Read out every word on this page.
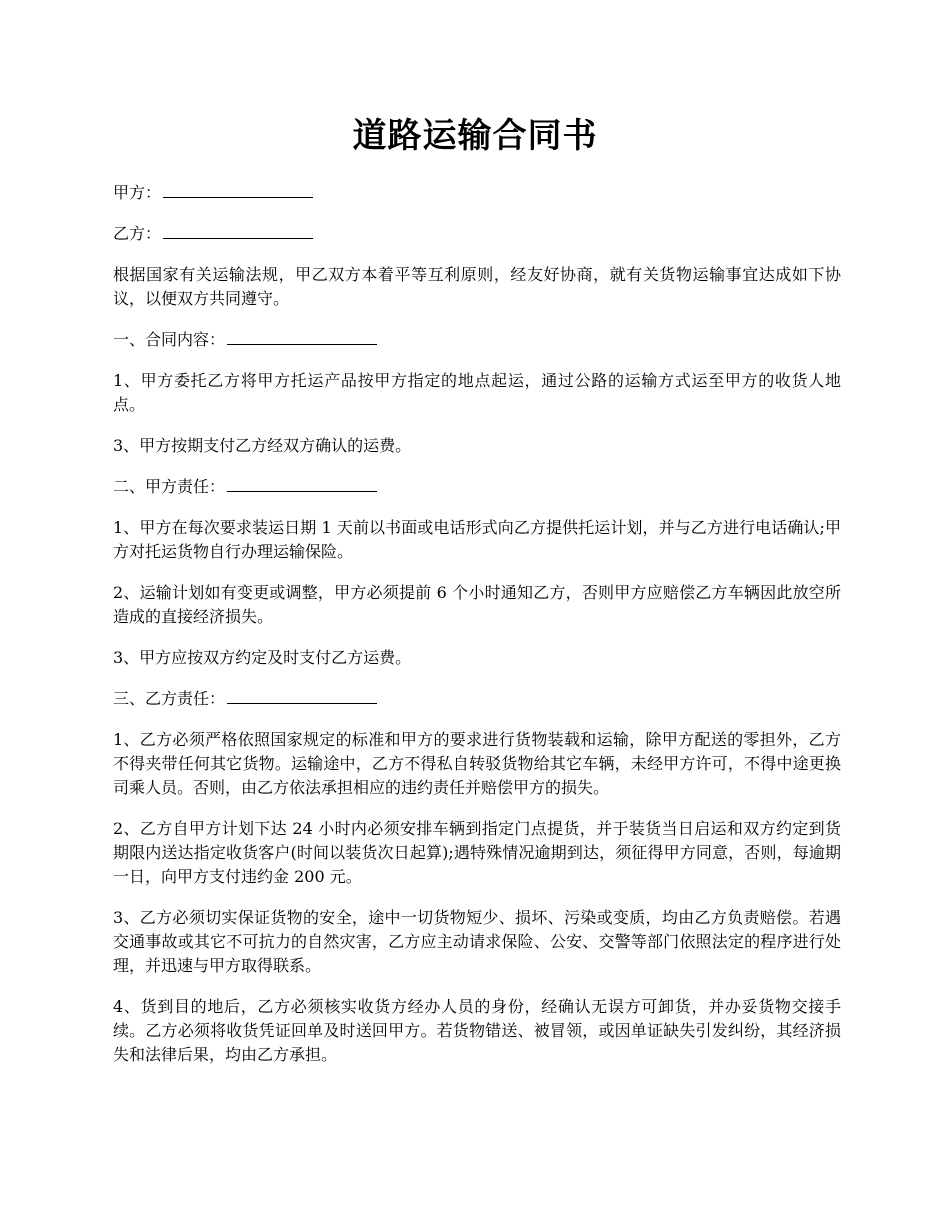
道路运输合同书

甲方：

乙方：

根据国家有关运输法规，甲乙双方本着平等互利原则，经友好协商，就有关货物运输事宜达成如下协议，以便双方共同遵守。

一、合同内容：

1、甲方委托乙方将甲方托运产品按甲方指定的地点起运，通过公路的运输方式运至甲方的收货人地点。

3、甲方按期支付乙方经双方确认的运费。

二、甲方责任：

1、甲方在每次要求装运日期 1 天前以书面或电话形式向乙方提供托运计划，并与乙方进行电话确认;甲方对托运货物自行办理运输保险。

2、运输计划如有变更或调整，甲方必须提前 6 个小时通知乙方，否则甲方应赔偿乙方车辆因此放空所造成的直接经济损失。

3、甲方应按双方约定及时支付乙方运费。

三、乙方责任：

1、乙方必须严格依照国家规定的标准和甲方的要求进行货物装载和运输，除甲方配送的零担外，乙方不得夹带任何其它货物。运输途中，乙方不得私自转驳货物给其它车辆，未经甲方许可，不得中途更换司乘人员。否则，由乙方依法承担相应的违约责任并赔偿甲方的损失。

2、乙方自甲方计划下达 24 小时内必须安排车辆到指定门点提货，并于装货当日启运和双方约定到货期限内送达指定收货客户(时间以装货次日起算);遇特殊情况逾期到达，须征得甲方同意，否则，每逾期一日，向甲方支付违约金 200 元。

3、乙方必须切实保证货物的安全，途中一切货物短少、损坏、污染或变质，均由乙方负责赔偿。若遇交通事故或其它不可抗力的自然灾害，乙方应主动请求保险、公安、交警等部门依照法定的程序进行处理，并迅速与甲方取得联系。

4、货到目的地后，乙方必须核实收货方经办人员的身份，经确认无误方可卸货，并办妥货物交接手续。乙方必须将收货凭证回单及时送回甲方。若货物错送、被冒领，或因单证缺失引发纠纷，其经济损失和法律后果，均由乙方承担。
